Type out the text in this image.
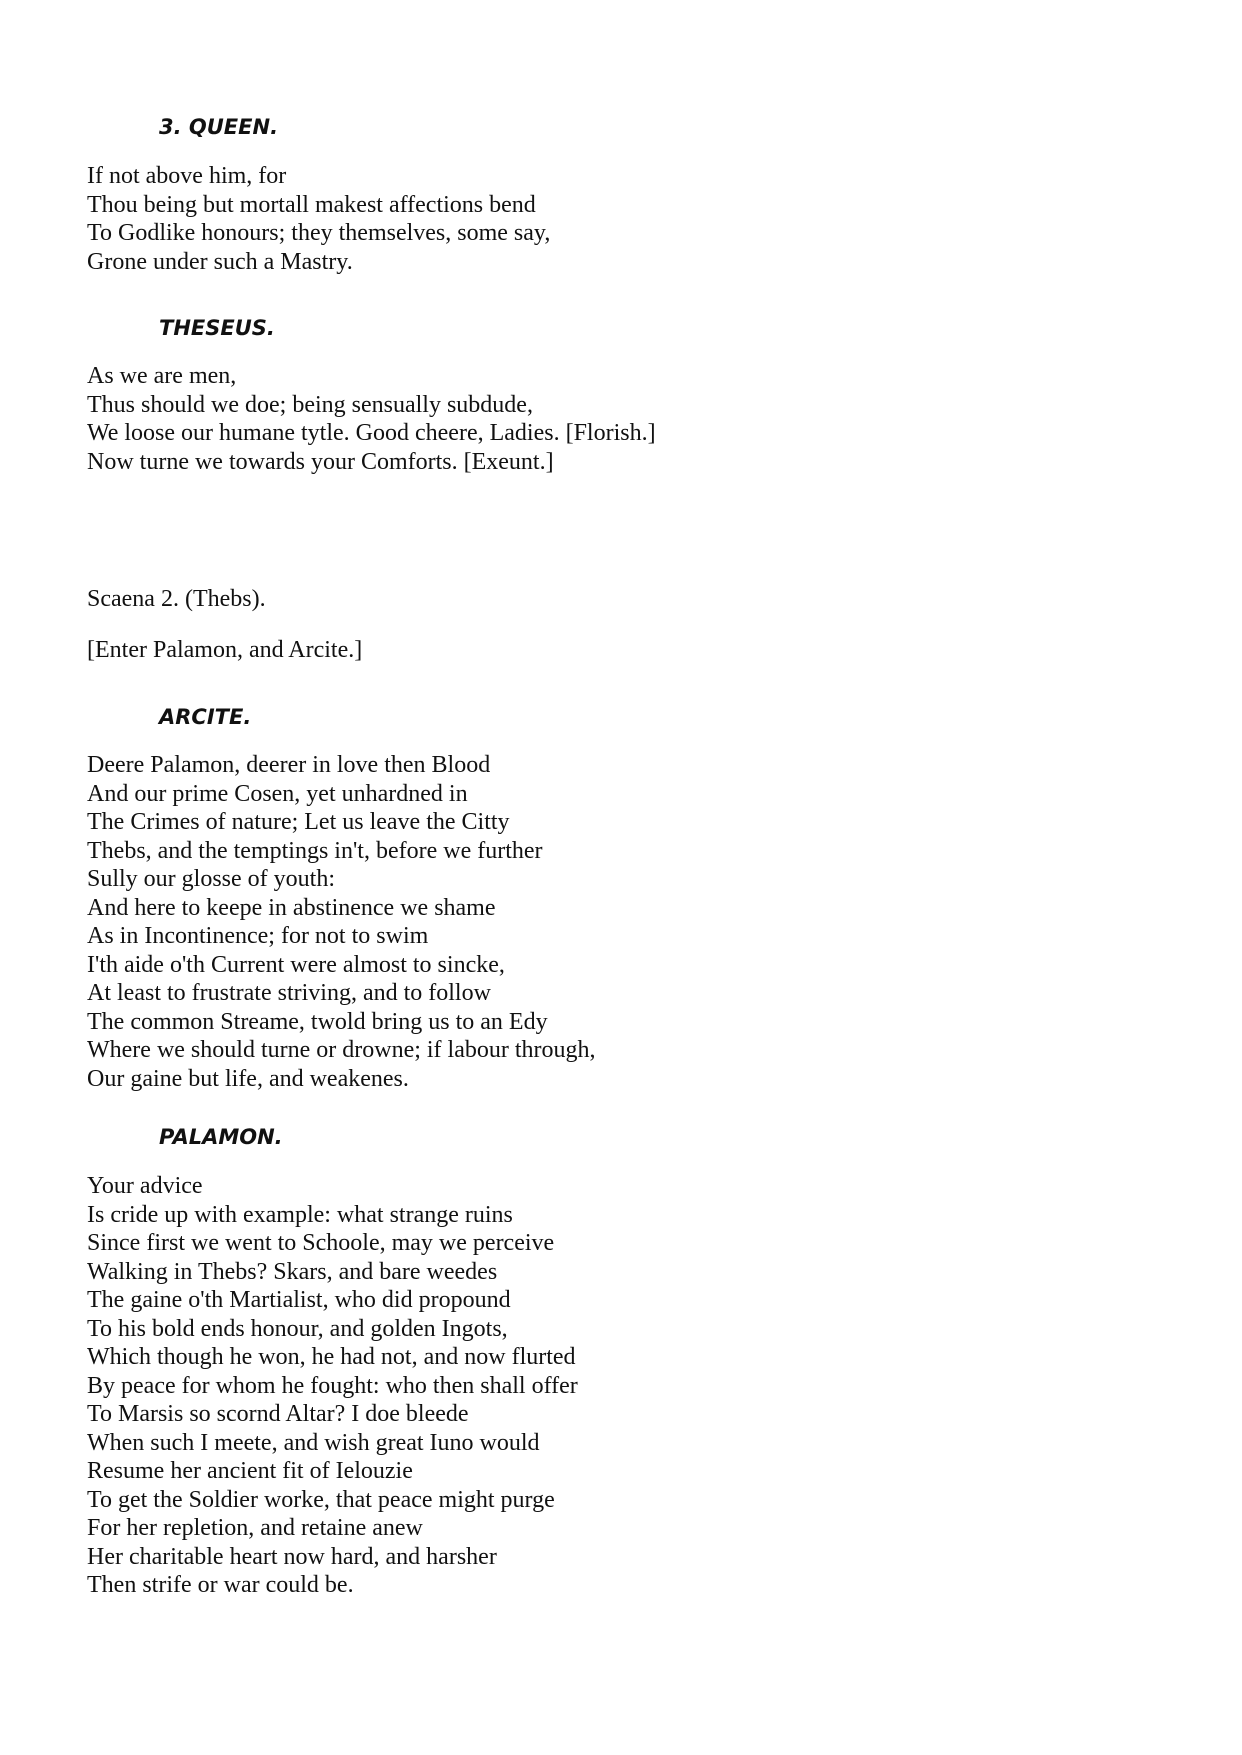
3. QUEEN.
If not above him, for
Thou being but mortall makest affections bend
To Godlike honours; they themselves, some say,
Grone under such a Mastry.
THESEUS.
As we are men,
Thus should we doe; being sensually subdude,
We loose our humane tytle. Good cheere, Ladies. [Florish.]
Now turne we towards your Comforts. [Exeunt.]
Scaena 2. (Thebs).
[Enter Palamon, and Arcite.]
ARCITE.
Deere Palamon, deerer in love then Blood
And our prime Cosen, yet unhardned in
The Crimes of nature; Let us leave the Citty
Thebs, and the temptings in't, before we further
Sully our glosse of youth:
And here to keepe in abstinence we shame
As in Incontinence; for not to swim
I'th aide o'th Current were almost to sincke,
At least to frustrate striving, and to follow
The common Streame, twold bring us to an Edy
Where we should turne or drowne; if labour through,
Our gaine but life, and weakenes.
PALAMON.
Your advice
Is cride up with example: what strange ruins
Since first we went to Schoole, may we perceive
Walking in Thebs? Skars, and bare weedes
The gaine o'th Martialist, who did propound
To his bold ends honour, and golden Ingots,
Which though he won, he had not, and now flurted
By peace for whom he fought: who then shall offer
To Marsis so scornd Altar? I doe bleede
When such I meete, and wish great Iuno would
Resume her ancient fit of Ielouzie
To get the Soldier worke, that peace might purge
For her repletion, and retaine anew
Her charitable heart now hard, and harsher
Then strife or war could be.
